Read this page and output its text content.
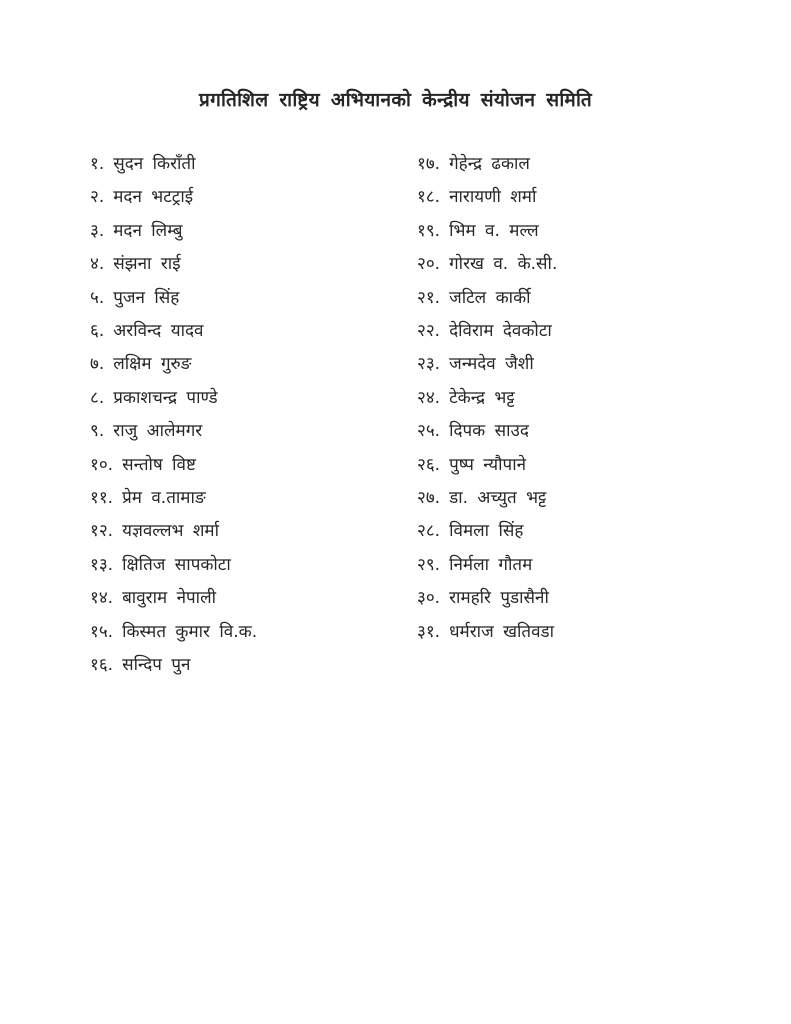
प्रगतिशिल राष्ट्रिय अभियानको केन्द्रीय संयोजन समिति
१. सुदन किराँती
२. मदन भटट्राई
३. मदन लिम्बु
४. संझना राई
५. पुजन सिंह
६. अरविन्द यादव
७. लक्षिम गुरुङ
८. प्रकाशचन्द्र पाण्डे
९. राजु आलेमगर
१०. सन्तोष विष्ट
११. प्रेम व.तामाङ
१२. यज्ञवल्लभ शर्मा
१३. क्षितिज सापकोटा
१४. बावुराम नेपाली
१५. किस्मत कुमार वि.क.
१६. सन्दिप पुन
१७. गेहेन्द्र ढकाल
१८. नारायणी शर्मा
१९. भिम व. मल्ल
२०. गोरख व. के.सी.
२१. जटिल कार्की
२२. देविराम देवकोटा
२३. जन्मदेव जैशी
२४. टेकेन्द्र भट्ट
२५. दिपक साउद
२६. पुष्प न्यौपाने
२७. डा. अच्युत भट्ट
२८. विमला सिंह
२९. निर्मला गौतम
३०. रामहरि पुडासैनी
३१. धर्मराज खतिवडा
